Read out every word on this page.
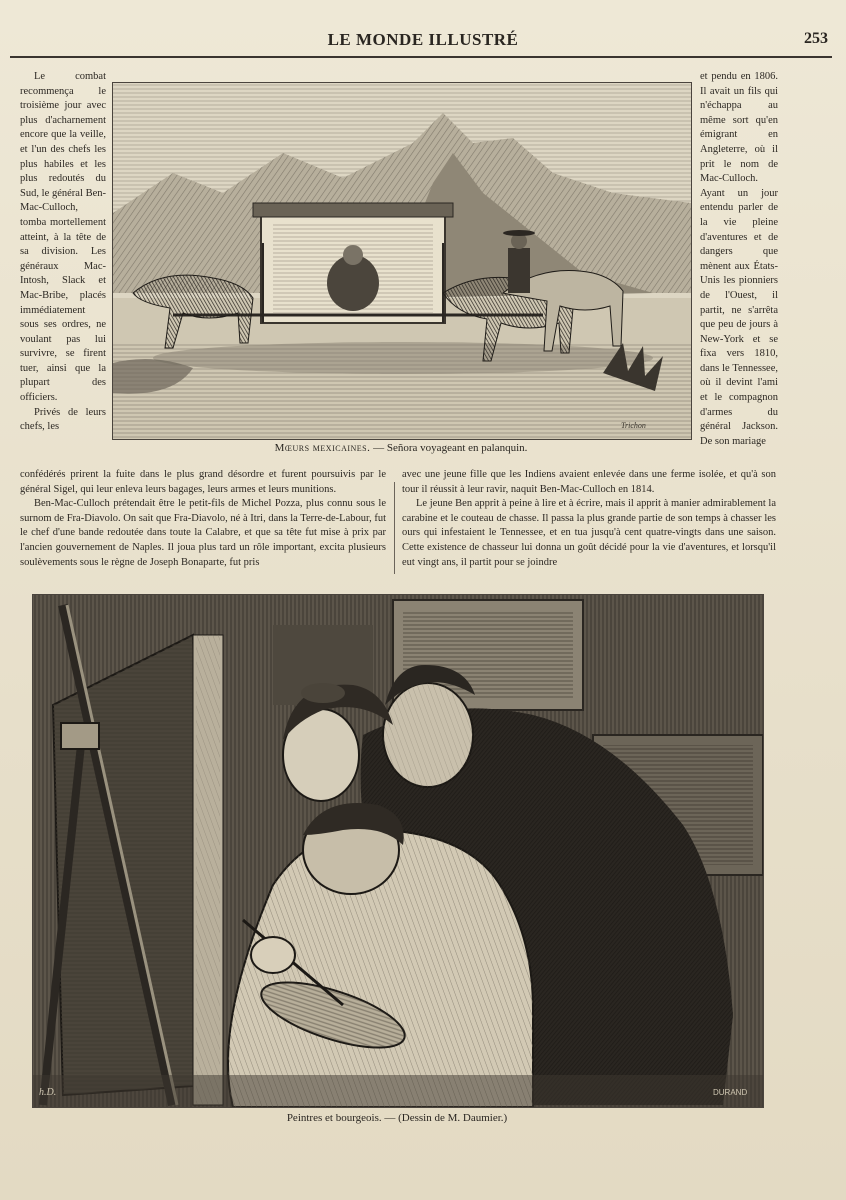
LE MONDE ILLUSTRÉ	253

Le combat recommença le troisième jour avec plus d'acharnement encore que la veille, et l'un des chefs les plus habiles et les plus redoutés du Sud, le général Ben-Mac-Culloch, tomba mortellement atteint, à la tête de sa division. Les généraux Mac-Intosh, Slack et Mac-Bribe, placés immédiatement sous ses ordres, ne voulant pas lui survivre, se firent tuer, ainsi que la plupart des officiers.

Privés de leurs chefs, les	Trichon
Mœurs mexicaines. — Señora voyageant en palanquin.

et pendu en 1806. Il avait un fils qui n'échappa au même sort qu'en émigrant en Angleterre, où il prit le nom de Mac-Culloch. Ayant un jour entendu parler de la vie pleine d'aventures et de dangers que mènent aux États-Unis les pionniers de l'Ouest, il partit, ne s'arrêta que peu de jours à New-York et se fixa vers 1810, dans le Tennessee, où il devint l'ami et le compagnon d'armes du général Jackson. De son mariage

confédérés prirent la fuite dans le plus grand désordre et furent poursuivis par le général Sigel, qui leur enleva leurs bagages, leurs armes et leurs munitions.

Ben-Mac-Culloch prétendait être le petit-fils de Michel Pozza, plus connu sous le surnom de Fra-Diavolo. On sait que Fra-Diavolo, né à Itri, dans la Terre-de-Labour, fut le chef d'une bande redoutée dans toute la Calabre, et que sa tête fut mise à prix par l'ancien gouvernement de Naples. Il joua plus tard un rôle important, excita plusieurs soulèvements sous le règne de Joseph Bonaparte, fut pris

avec une jeune fille que les Indiens avaient enlevée dans une ferme isolée, et qu'à son tour il réussit à leur ravir, naquit Ben-Mac-Culloch en 1814.

Le jeune Ben apprit à peine à lire et à écrire, mais il apprit à manier admirablement la carabine et le couteau de chasse. Il passa la plus grande partie de son temps à chasser les ours qui infestaient le Tennessee, et en tua jusqu'à cent quatre-vingts dans une saison. Cette existence de chasseur lui donna un goût décidé pour la vie d'aventures, et lorsqu'il eut vingt ans, il partit pour se joindre

h.D.	DURAND
Peintres et bourgeois. — (Dessin de M. Daumier.)
